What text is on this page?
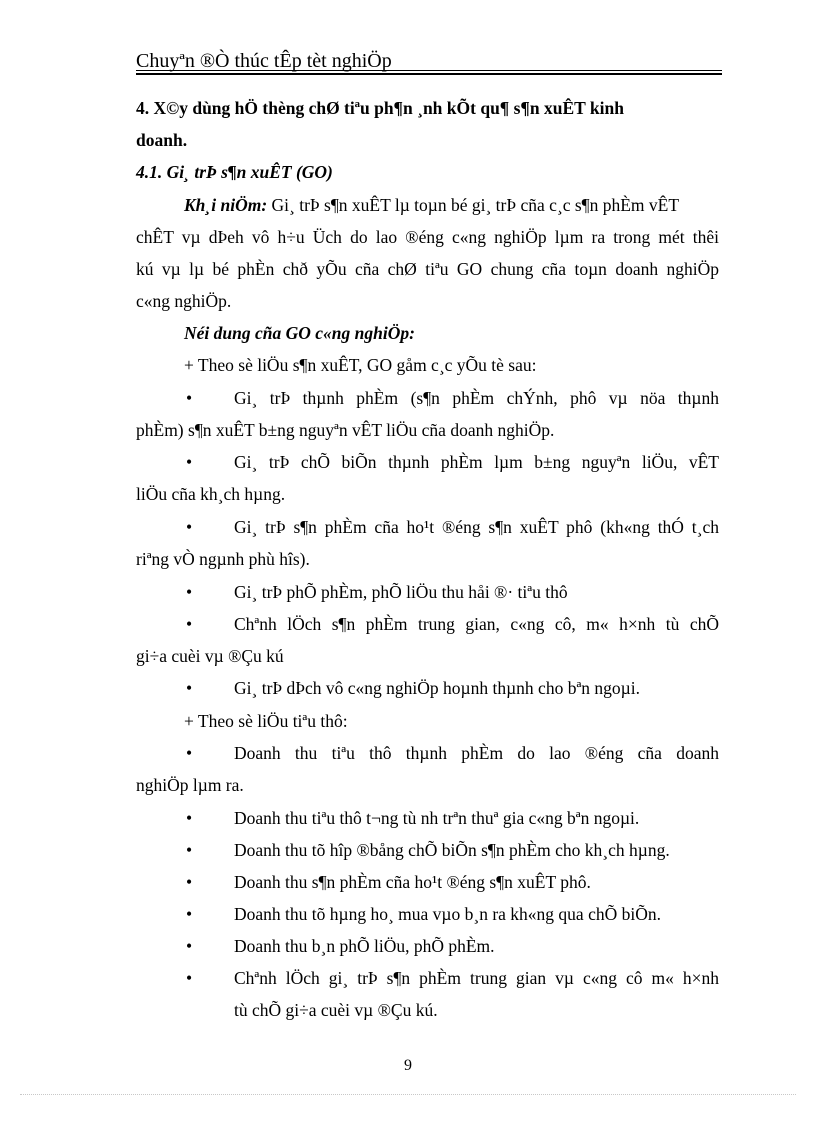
Chuyªn ®Ò thúc tÊp tèt nghiÖp
4. X©y dùng hÖ thèng chØ tiªu ph¶n ¸nh kÕt qu¶ s¶n xuÊT kinh
doanh.
4.1. Gi¸ trÞ s¶n xuÊT (GO)
Kh¸i niÖm: Gi¸ trÞ s¶n xuÊT lµ toµn bé gi¸ trÞ cña c¸c s¶n phÈm vÊT
chÊT vµ dÞeh vô h÷u Üch do lao ®éng c«ng nghiÖp lµm ra trong mét thêi
kú vµ lµ bé phÈn chð yÕu cña chØ tiªu GO chung cña toµn doanh nghiÖp
c«ng nghiÖp.
Néi dung cña GO c«ng nghiÖp:
+ Theo sè liÖu s¶n xuÊT, GO gåm c¸c yÕu tè sau:
• Gi¸ trÞ thµnh phÈm (s¶n phÈm chÝnh, phô vµ nöa thµnh
phÈm) s¶n xuÊT b±ng nguyªn vÊT liÖu cña doanh nghiÖp.
• Gi¸ trÞ chÕ biÕn thµnh phÈm lµm b±ng nguyªn liÖu, vÊT
liÖu cña kh¸ch hµng.
• Gi¸ trÞ s¶n phÈm cña ho¹t ®éng s¶n xuÊT phô (kh«ng thÓ t¸ch
riªng vÒ ngµnh phù hîs).
• Gi¸ trÞ phÕ phÈm, phÕ liÖu thu håi ®· tiªu thô
• Chªnh lÖch s¶n phÈm trung gian, c«ng cô, m« h×nh tù chÕ
gi÷a cuèi vµ ®Çu kú
• Gi¸ trÞ dÞch vô c«ng nghiÖp hoµnh thµnh cho bªn ngoµi.
+ Theo sè liÖu tiªu thô:
• Doanh thu tiªu thô thµnh phÈm do lao ®éng cña doanh
nghiÖp lµm ra.
• Doanh thu tiªu thô t¬ng tù nh trªn thuª gia c«ng bªn ngoµi.
• Doanh thu tõ hîp ®bång chÕ biÕn s¶n phÈm cho kh¸ch hµng.
• Doanh thu s¶n phÈm cña ho¹t ®éng s¶n xuÊT phô.
• Doanh thu tõ hµng ho¸ mua vµo b¸n ra kh«ng qua chÕ biÕn.
• Doanh thu b¸n phÕ liÖu, phÕ phÈm.
• Chªnh lÖch gi¸ trÞ s¶n phÈm trung gian vµ c«ng cô m« h×nh
tù chÕ gi÷a cuèi vµ ®Çu kú.
9
